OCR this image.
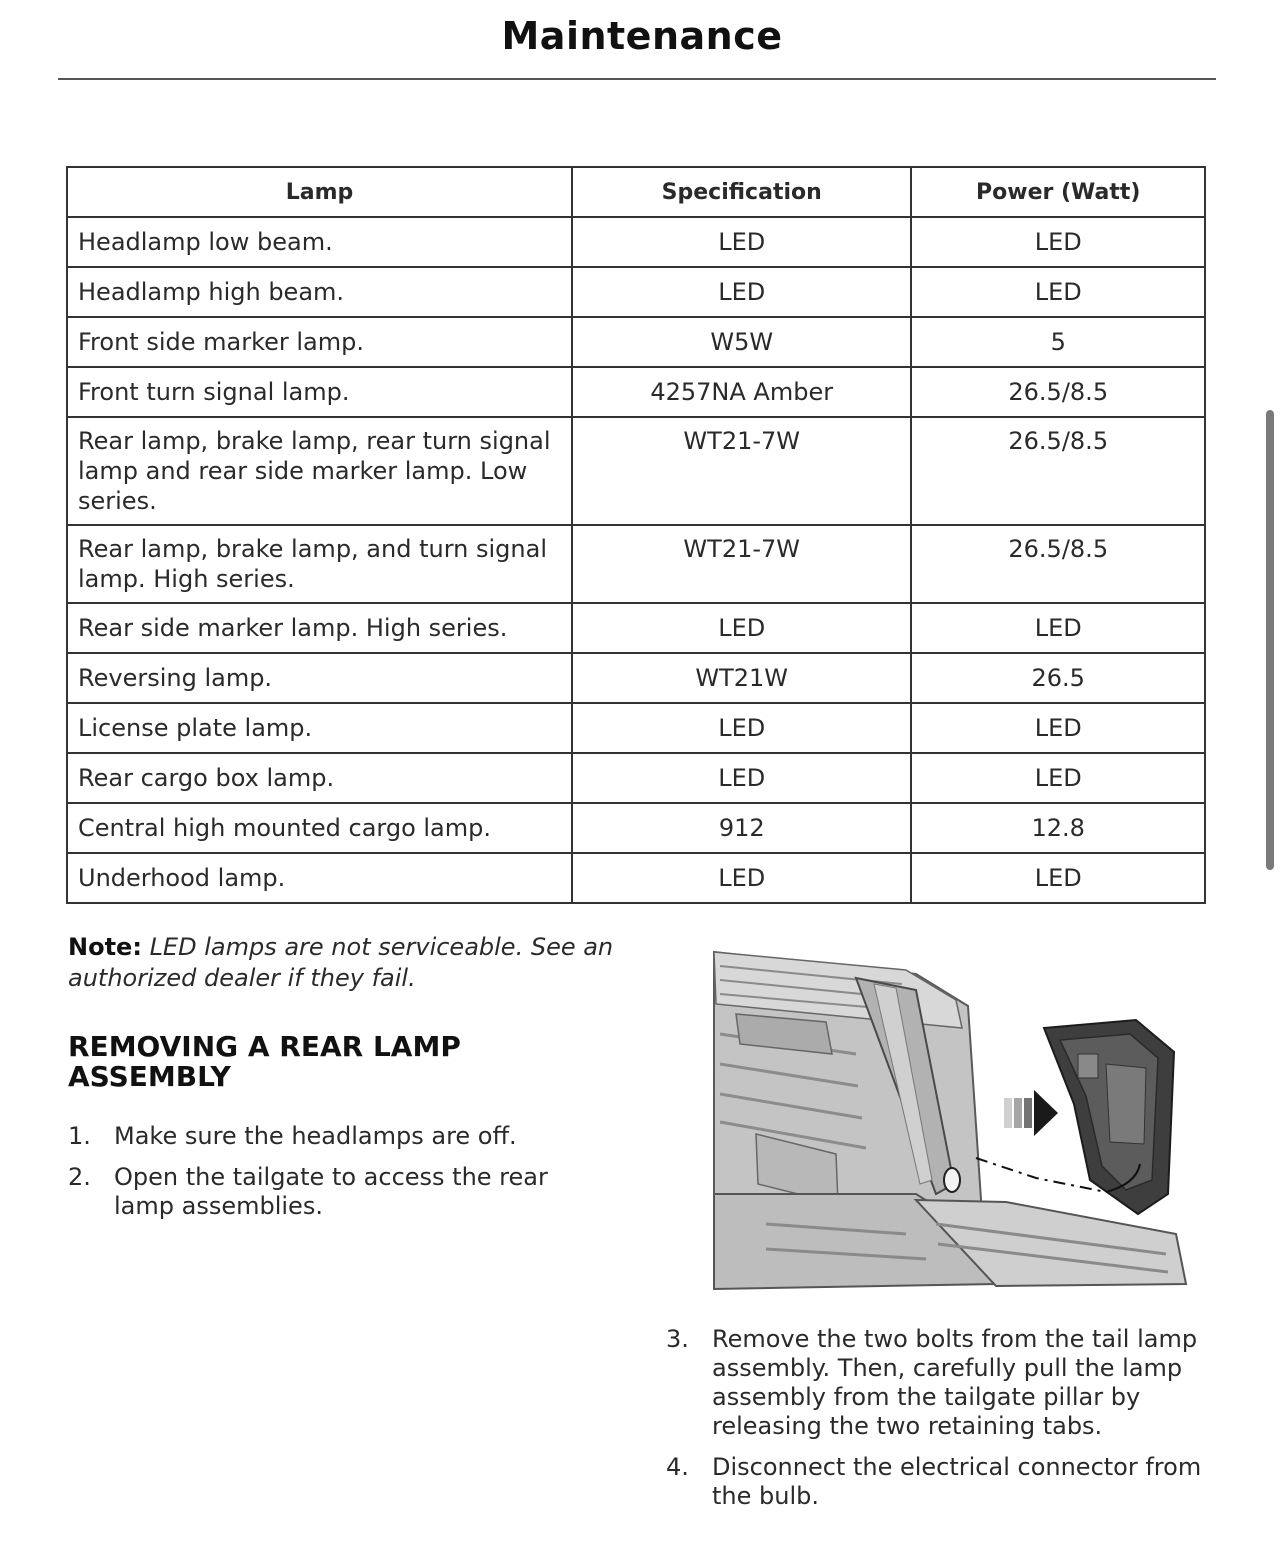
Maintenance
Lamp	Specification	Power (Watt)
Headlamp low beam.	LED	LED
Headlamp high beam.	LED	LED
Front side marker lamp.	W5W	5
Front turn signal lamp.	4257NA Amber	26.5/8.5
Rear lamp, brake lamp, rear turn signal lamp and rear side marker lamp. Low series.	WT21-7W	26.5/8.5
Rear lamp, brake lamp, and turn signal lamp. High series.	WT21-7W	26.5/8.5
Rear side marker lamp. High series.	LED	LED
Reversing lamp.	WT21W	26.5
License plate lamp.	LED	LED
Rear cargo box lamp.	LED	LED
Central high mounted cargo lamp.	912	12.8
Underhood lamp.	LED	LED
Note: LED lamps are not serviceable. See an authorized dealer if they fail.
REMOVING A REAR LAMP ASSEMBLY
1. Make sure the headlamps are off.
2. Open the tailgate to access the rear lamp assemblies.
3. Remove the two bolts from the tail lamp assembly. Then, carefully pull the lamp assembly from the tailgate pillar by releasing the two retaining tabs.
4. Disconnect the electrical connector from the bulb.
